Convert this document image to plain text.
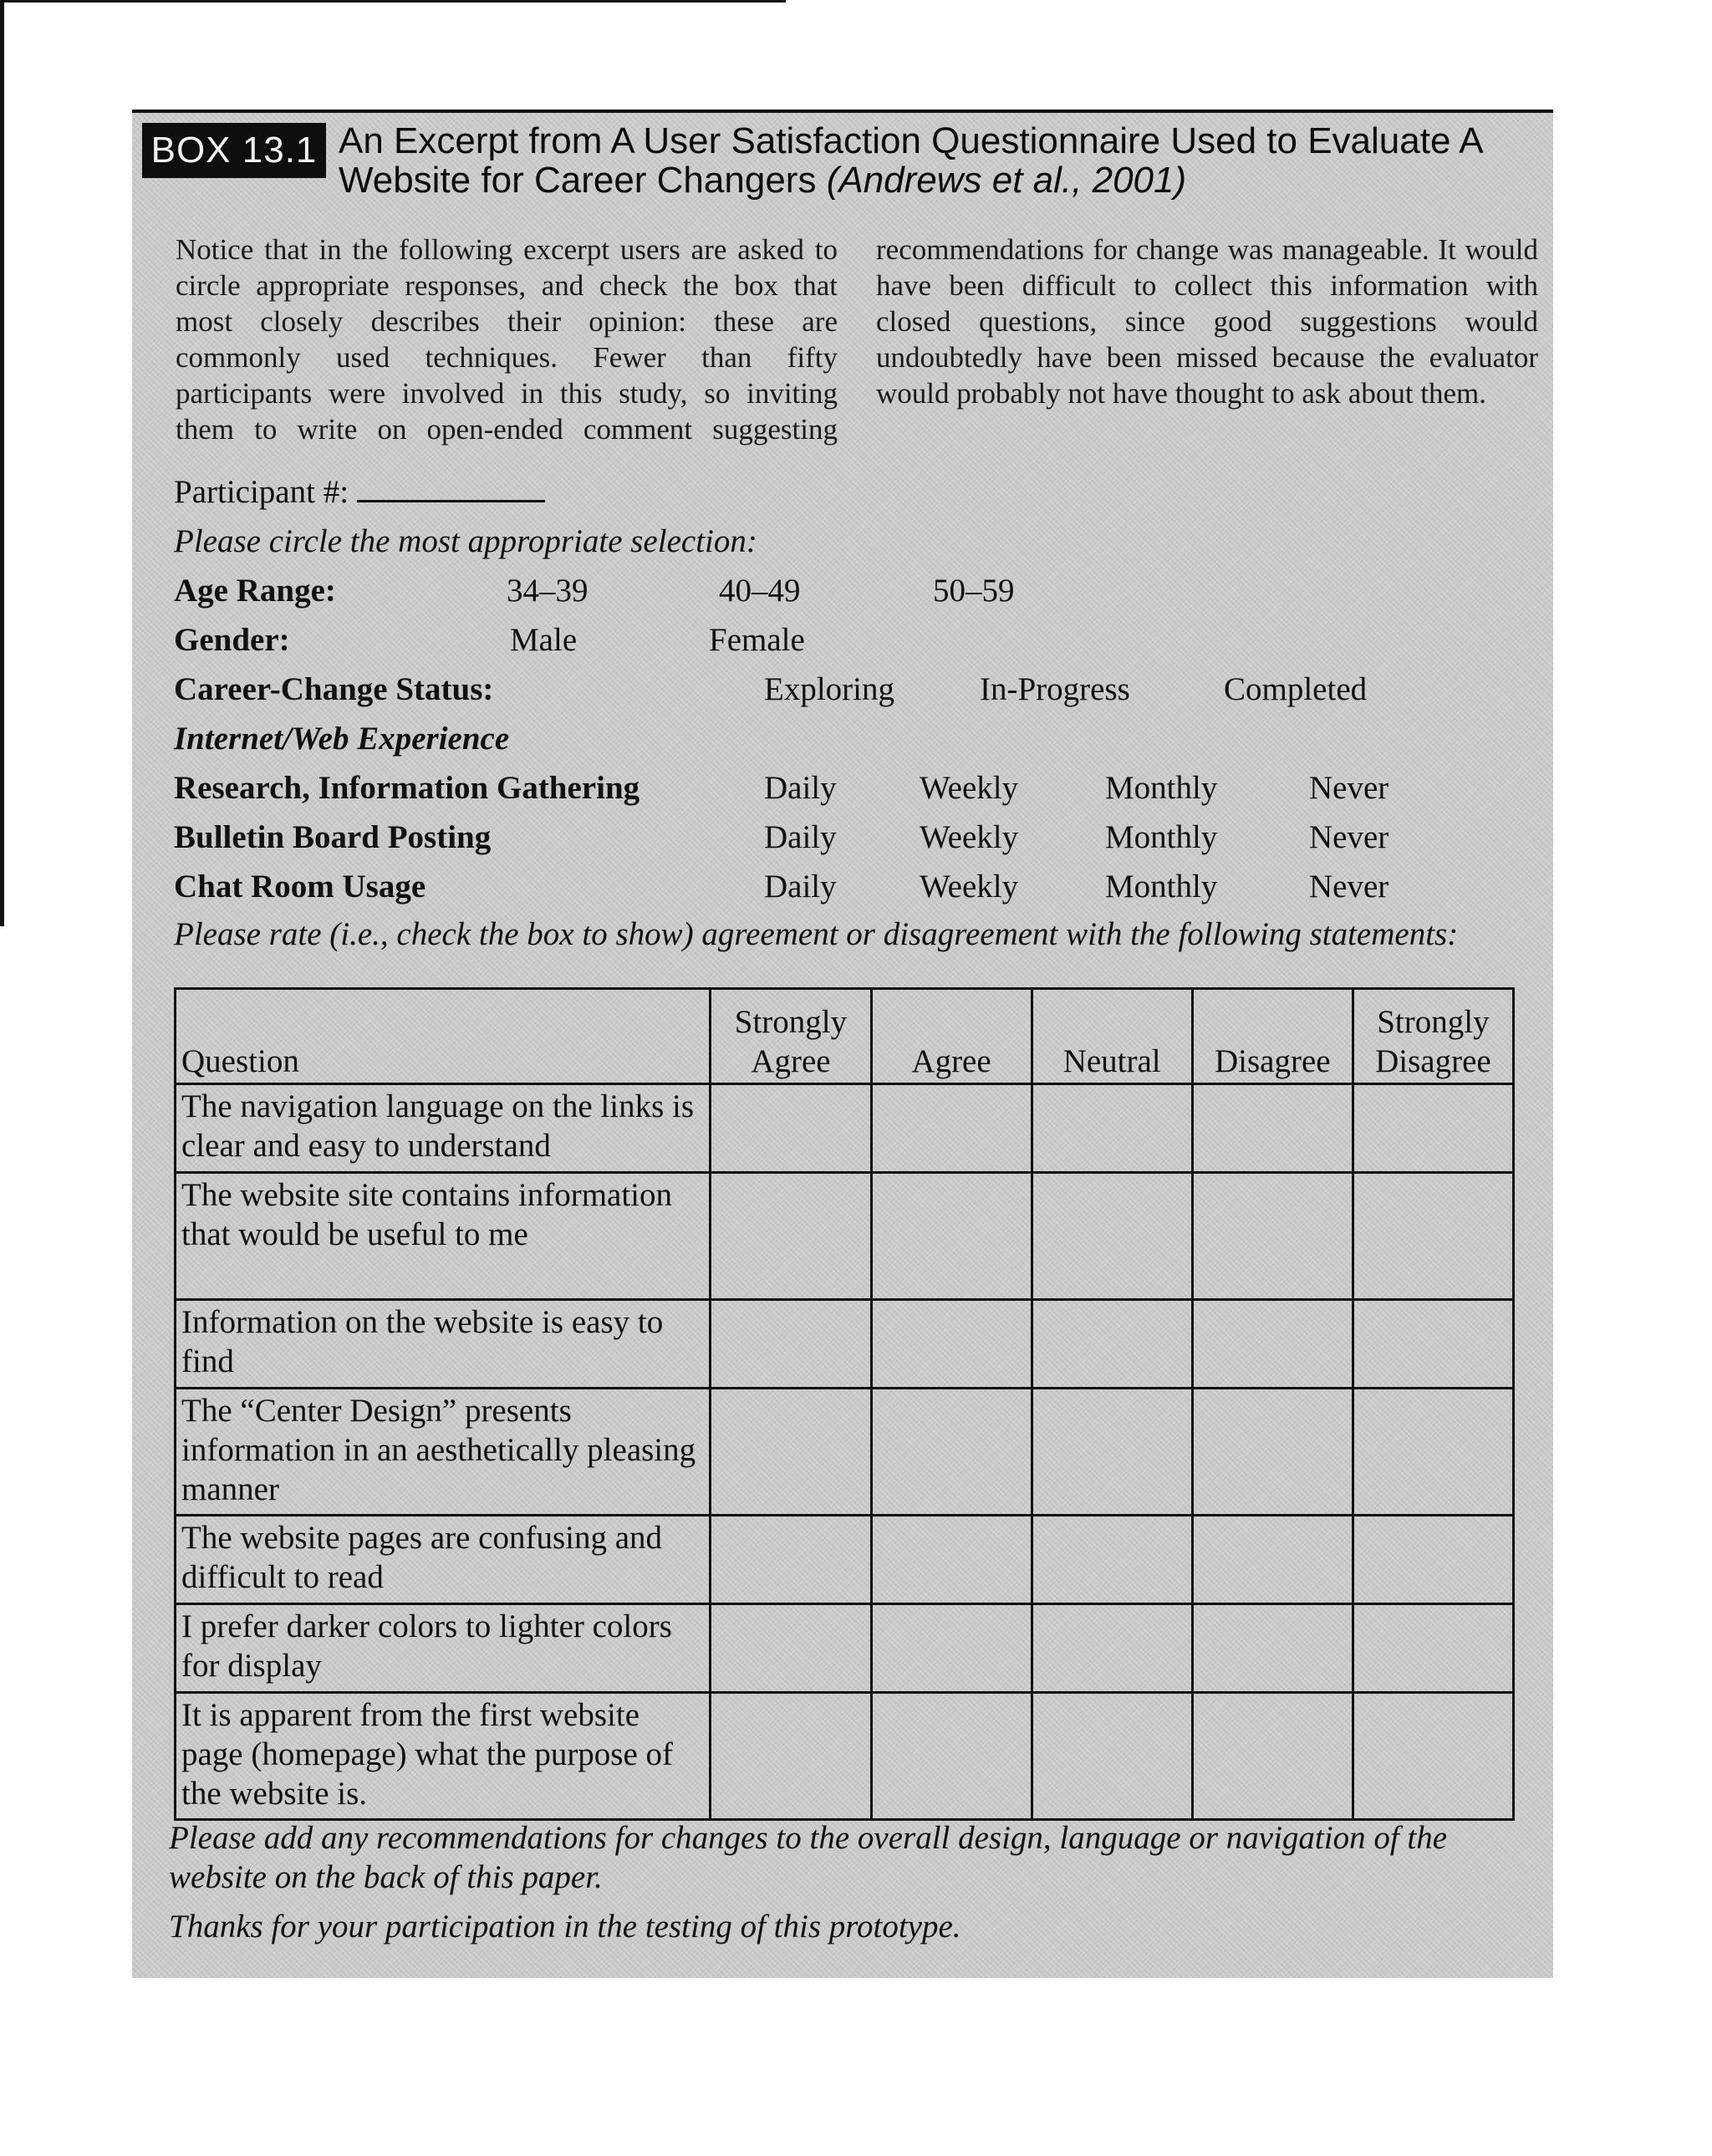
BOX 13.1 An Excerpt from A User Satisfaction Questionnaire Used to Evaluate A Website for Career Changers (Andrews et al., 2001)
Notice that in the following excerpt users are asked to circle appropriate responses, and check the box that most closely describes their opinion: these are commonly used techniques. Fewer than fifty participants were involved in this study, so inviting them to write on open-ended comment suggesting recommendations for change was manageable. It would have been difficult to collect this information with closed questions, since good suggestions would undoubtedly have been missed because the evaluator would probably not have thought to ask about them.
Participant #:
Please circle the most appropriate selection:
Age Range:	34–39	40–49	50–59
Gender:	Male	Female
Career-Change Status:	Exploring	In-Progress	Completed
Internet/Web Experience
Research, Information Gathering	Daily	Weekly	Monthly	Never
Bulletin Board Posting	Daily	Weekly	Monthly	Never
Chat Room Usage	Daily	Weekly	Monthly	Never
Please rate (i.e., check the box to show) agreement or disagreement with the following statements:
Question	Strongly Agree	Agree	Neutral	Disagree	Strongly Disagree
The navigation language on the links is clear and easy to understand					
The website site contains information that would be useful to me					
Information on the website is easy to find					
The “Center Design” presents information in an aesthetically pleasing manner					
The website pages are confusing and difficult to read					
I prefer darker colors to lighter colors for display					
It is apparent from the first website page (homepage) what the purpose of the website is.					
Please add any recommendations for changes to the overall design, language or navigation of the website on the back of this paper.
Thanks for your participation in the testing of this prototype.
